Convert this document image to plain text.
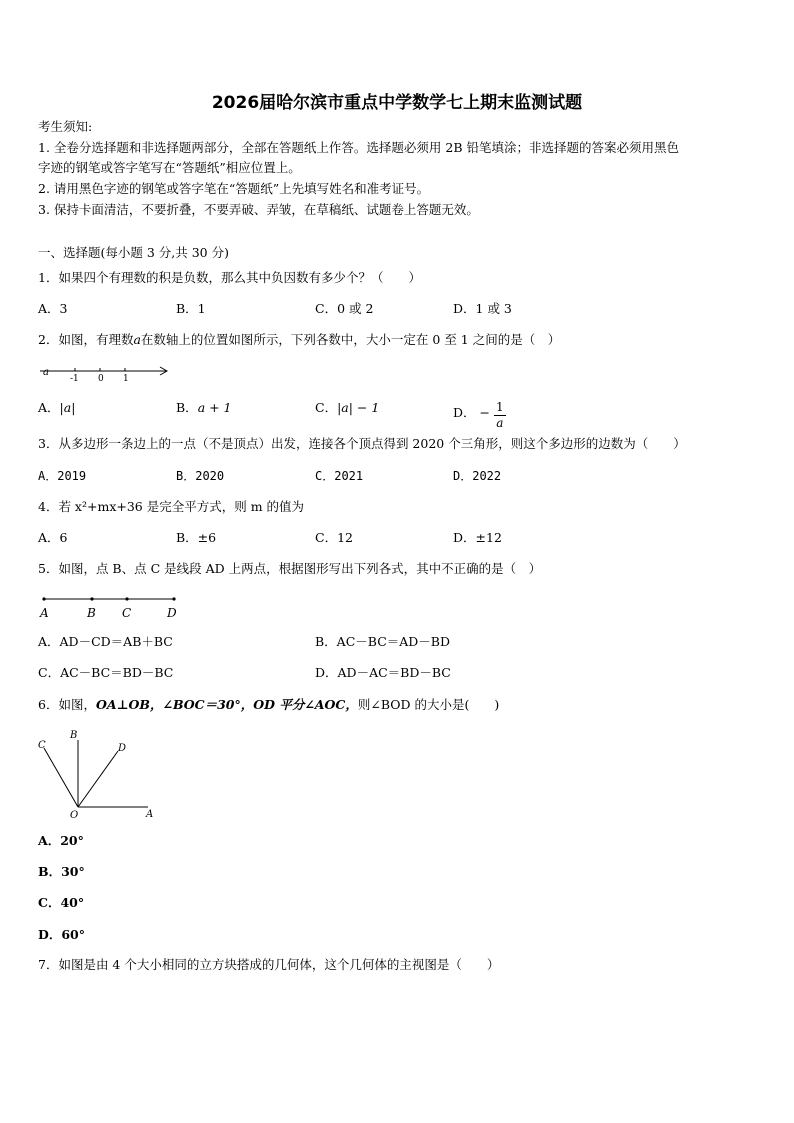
2026届哈尔滨市重点中学数学七上期末监测试题
考生须知:
1. 全卷分选择题和非选择题两部分，全部在答题纸上作答。选择题必须用 2B 铅笔填涂；非选择题的答案必须用黑色
字迹的钢笔或答字笔写在“答题纸”相应位置上。
2. 请用黑色字迹的钢笔或答字笔在“答题纸”上先填写姓名和准考证号。
3. 保持卡面清洁，不要折叠，不要弄破、弄皱，在草稿纸、试题卷上答题无效。
一、选择题(每小题 3 分,共 30 分)
1．如果四个有理数的积是负数，那么其中负因数有多少个？（　　）
A．3	B．1	C．0 或 2	D．1 或 3
2．如图，有理数a在数轴上的位置如图所示，下列各数中，大小一定在 0 至 1 之间的是（　）
a
-1 0 1
A．|a|	B．a + 1	C．|a| − 1	D． − $\frac{1}{a}$
3．从多边形一条边上的一点（不是顶点）出发，连接各个顶点得到 2020 个三角形，则这个多边形的边数为（　　）
A．2019	B．2020	C．2021	D．2022
4．若 x²+mx+36 是完全平方式，则 m 的值为
A．6	B．±6	C．12	D．±12
5．如图，点 B、点 C 是线段 AD 上两点，根据图形写出下列各式，其中不正确的是（　）
A	B C	D
A．AD－CD＝AB＋BC	B．AC－BC＝AD－BD
C．AC－BC＝BD－BC	D．AD－AC＝BD－BC
6．如图，OA⊥OB，∠BOC＝30°，OD 平分∠AOC，则∠BOD 的大小是(　　)
C
B
D
O	A
A．20°
B．30°
C．40°
D．60°
7．如图是由 4 个大小相同的立方块搭成的几何体，这个几何体的主视图是（　　）
